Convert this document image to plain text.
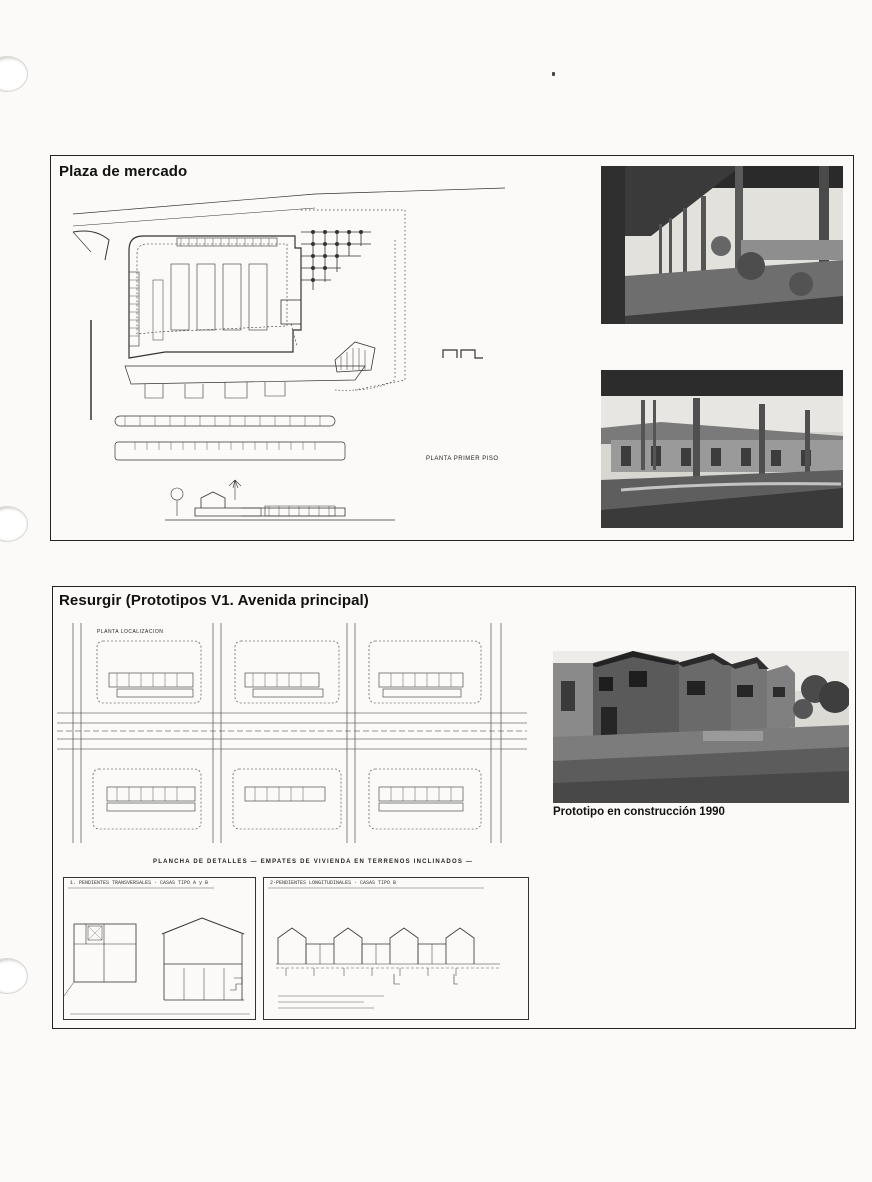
Plaza de mercado
PLANTA PRIMER PISO
Resurgir (Prototipos V1. Avenida principal)
PLANTA LOCALIZACION
PLANCHA DE DETALLES — EMPATES DE VIVIENDA EN TERRENOS INCLINADOS —
1. PENDIENTES TRANSVERSALES · CASAS TIPO A y B	2-PENDIENTES LONGITUDINALES · CASAS TIPO B
Prototipo en construcción 1990
